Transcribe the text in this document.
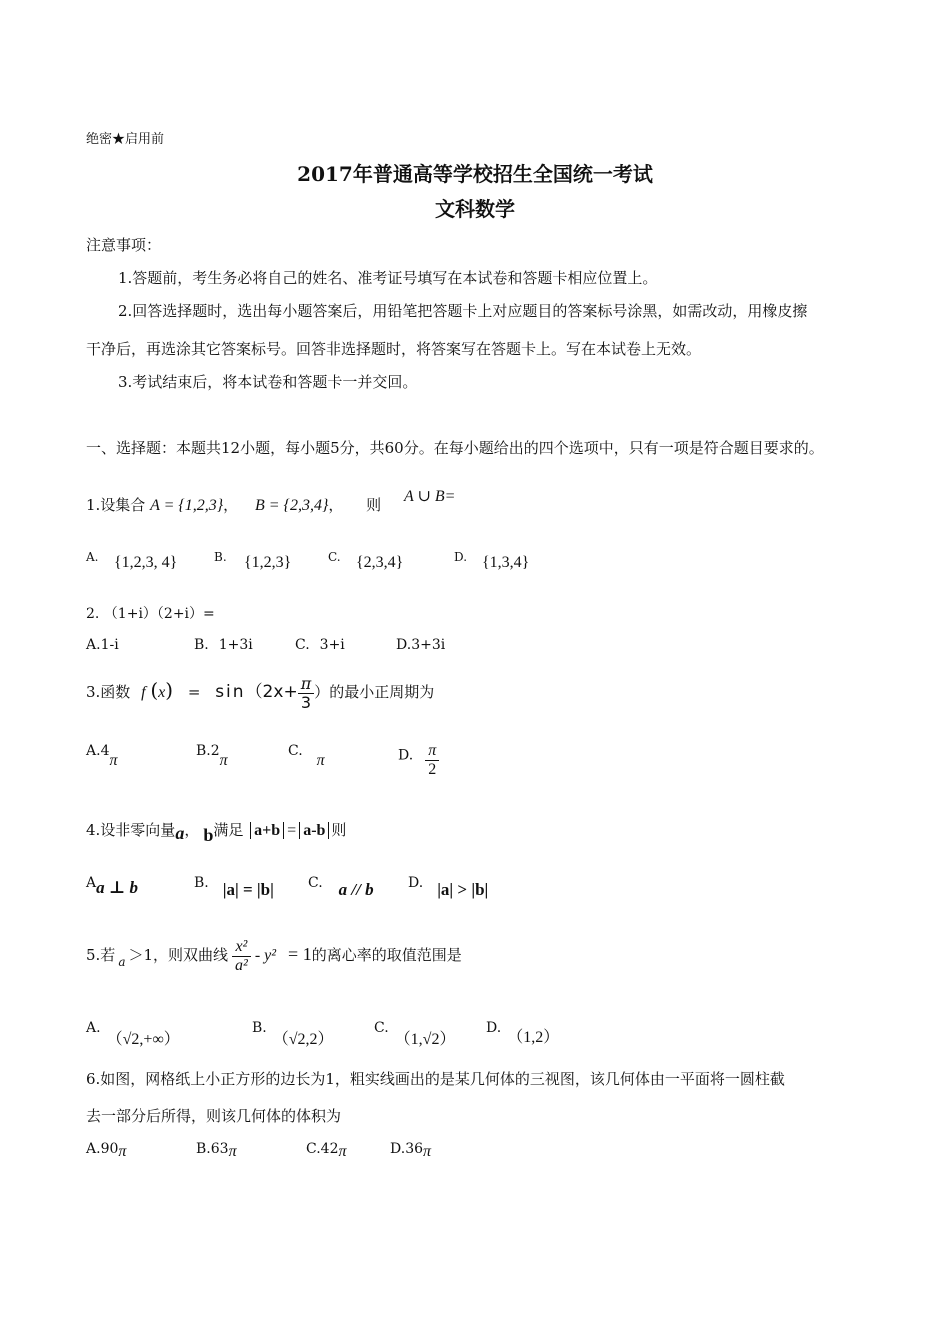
绝密★启用前
2017年普通高等学校招生全国统一考试
文科数学
注意事项：
1.答题前，考生务必将自己的姓名、准考证号填写在本试卷和答题卡相应位置上。
2.回答选择题时，选出每小题答案后，用铅笔把答题卡上对应题目的答案标号涂黑，如需改动，用橡皮擦
干净后，再选涂其它答案标号。回答非选择题时，将答案写在答题卡上。写在本试卷上无效。
3.考试结束后，将本试卷和答题卡一并交回。
一、选择题：本题共12小题，每小题5分，共60分。在每小题给出的四个选项中，只有一项是符合题目要求的。
1.设集合 A = {1,2,3}， B = {2,3,4}， 则 A ∪ B=
A. {1,2,3, 4}	B. {1,2,3}	C. {2,3,4}	D. {1,3,4}
2. （1+i）（2+i）=
A.1-i	B. 1+3i	C. 3+i	D.3+3i
3.函数 f $(x) = \sin(2x+ \frac{\pi}{3}$ ）的最小正周期为
A.4π
B.2π
C.π	D. $\frac{\pi}{2}$
4.设非零向量a， b满足 a+b = a-b 则
Aa ⊥ b	B. |a| = |b| C. a // b D. |a| > |b|
5.若 $_a$ ＞1，则双曲线 $\frac{\text{x²}}{\text{a²}} - y^2 = 1$的离心率的取值范围是
A.（√2,+∞）
B.（√2,2）
C.（1,√2）
D.（1,2）
6.如图，网格纸上小正方形的边长为1，粗实线画出的是某几何体的三视图，该几何体由一平面将一圆柱截
去一部分后所得，则该几何体的体积为
A.90π	B.63π	C.42π	D.36π
